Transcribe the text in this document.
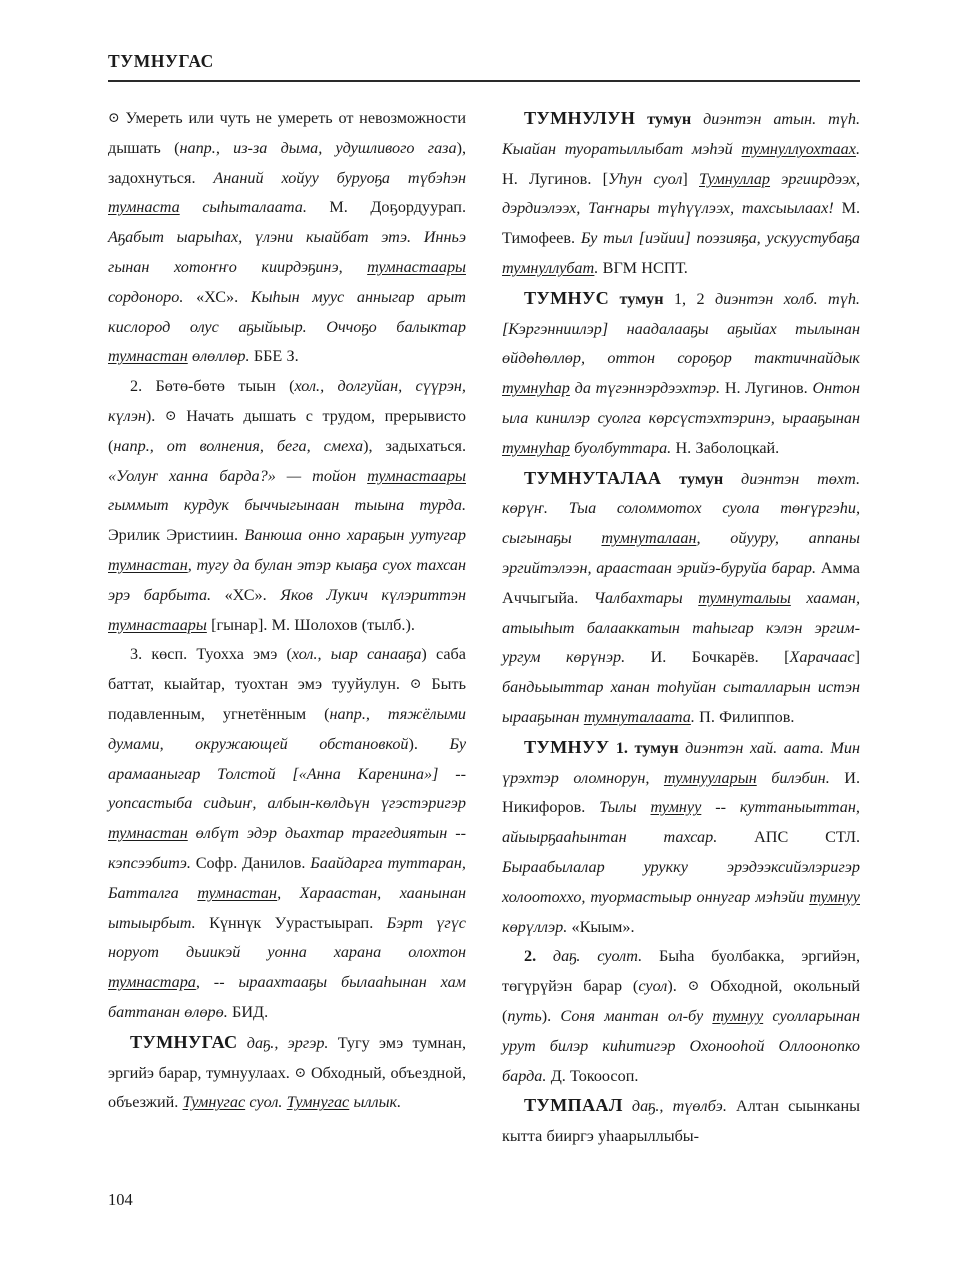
ТУМНУГАС

⊙ Умереть или чуть не умереть от невозможности дышать (напр., из-за дыма, удушливого газа), задохнуться. Ананий хойуу буруоҕа түбэһэн тумнаста сыһыталаата. М. Доҕордуурап. Аҕабыт ыарыһах, үлэни кыайбат этэ. Инньэ гынан хотоҥҥо киирдэҕинэ, тумнастаары сордоноро. «ХС». Кыһын муус анныгар арыт кислород олус аҕыйыыр. Оччоҕо балыктар тумнастан өлөллөр. ББЕ З.

2. Бөтө-бөтө тыын (хол., долгуйан, сүүрэн, күлэн). ⊙ Начать дышать с трудом, прерывисто (напр., от волнения, бега, смеха), задыхаться. «Уолуҥ ханна барда?» — тойон тумнастаары гыммыт курдук быччыгынаан тыына турда. Эрилик Эристиин. Ванюша онно хараҕын уутугар тумнастан, тугу да булан этэр кыаҕа суох тахсан эрэ барбыта. «ХС». Яков Лукич күлэриттэн тумнастаары [гынар]. М. Шолохов (тылб.).

3. көсп. Туохха эмэ (хол., ыар санааҕа) саба баттат, кыайтар, туохтан эмэ тууйулун. ⊙ Быть подавленным, угнетённым (напр., тяжёлыми думами, окружающей обстановкой). Бу арамааныгар Толстой [«Анна Каренина»] -- уопсастыба сидьиҥ, албын-көлдьүн үгэстэригэр тумнастан өлбүт эдэр дьахтар трагедиятын -- кэпсээбитэ. Софр. Данилов. Баайдарга туттаран, Батталга тумнастан, Хараастан, хаанынан ытыырбыт. Күннүк Уурастыырап. Бэрт үгүс норуот дьиикэй уонна харана олохтон тумнастара, -- ыраахтааҕы былааһынан хам баттанан өлөрө. БИД.

ТУМНУГАС даҕ., эргэр. Тугу эмэ тумнан, эргийэ барар, тумнуулаах. ⊙ Обходный, объездной, объезжий. Тумнугас суол. Тумнугас ыллык.

ТУМНУЛУН тумун диэнтэн атын. түһ. Кыайан туоратыллыбат мэһэй тумнуллуохтаах. Н. Лугинов. [Уһун суол] Тумнуллар эргиирдээх, дэрдиэлээх, Таҥнары түһүүлээх, тахсыылаах! М. Тимофеев. Бу тыл [иэйии] поэзияҕа, ускуустубаҕа тумнуллубат. ВГМ НСПТ.

ТУМНУС тумун 1, 2 диэнтэн холб. түһ. [Кэргэнниилэр] наадалааҕы аҕыйах тылынан өйдөһөллөр, оттон сороҕор тактичнайдык тумнуһар да түгэннэрдээхтэр. Н. Лугинов. Онтон ыла кинилэр суолга көрсүстэхтэринэ, ыраaҕынан тумнуһар буолбуттара. Н. Заболоцкай.

ТУМНУТАЛАА тумун диэнтэн төхт. көрүҥ. Тыа соломмотох суола төҥүргэһи, сыгынаҕы тумнуталаан, ойууру, аппаны эргийтэлээн, араастаан эрийэ-буруйа барар. Амма Аччыгыйа. Чалбахтары тумнуталыы хааман, атыыһыт балааккатын таһыгар кэлэн эргим-ургум көрүнэр. И. Бочкарёв. [Харачаас] бандьыыттар ханан тоһуйан сыталларын истэн ыраaҕынан тумнуталаата. П. Филиппов.

ТУМНУУ 1. тумун диэнтэн хай. аата. Мин үрэхтэр оломнорун, тумнууларын билэбин. И. Никифоров. Тылы тумнуу -- куттаныыттан, айыырҕааһынтан тахсар. АПС СТЛ. Быраабылалар урукку эрэдээксийэлэригэр холоотоххо, туормастыыр оннугар мэһэйи тумнуу көрүллэр. «Кыым».

2. даҕ. суолт. Быһа буолбакка, эргийэн, төгүрүйэн барар (суол). ⊙ Обходной, окольный (путь). Соня мантан ол-бу тумнуу суолларынан урут билэр киһитигэр Охонооһой Оллоонопко барда. Д. Токоосоп.

ТУМПААЛ даҕ., түөлбэ. Алтан сыынканы кытта бииргэ уһаарыллыбы-

104
